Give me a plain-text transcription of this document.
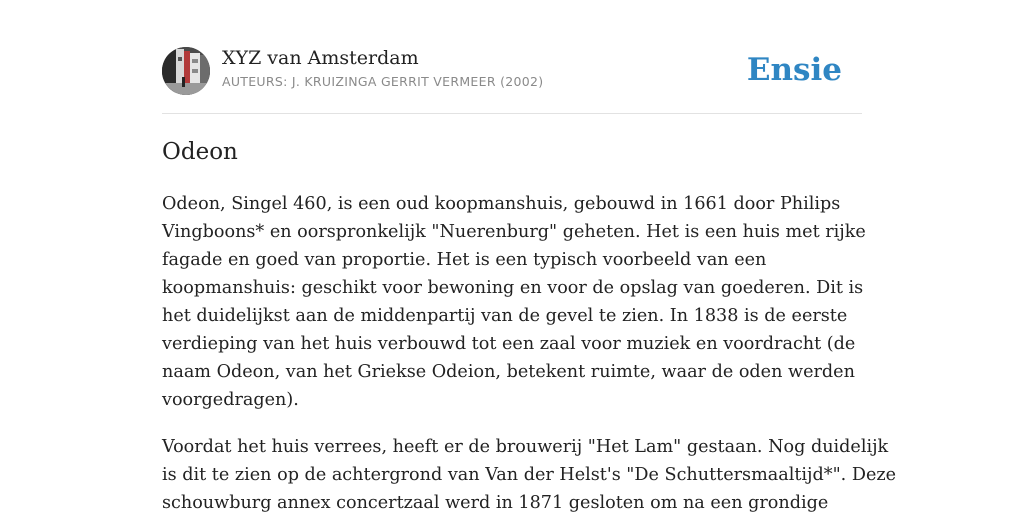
XYZ van Amsterdam
AUTEURS: J. KRUIZINGA GERRIT VERMEER (2002)	Ensie
Odeon

Odeon, Singel 460, is een oud koopmanshuis, gebouwd in 1661 door Philips
Vingboons* en oorspronkelijk "Nuerenburg" geheten. Het is een huis met rijke
fagade en goed van proportie. Het is een typisch voorbeeld van een
koopmanshuis: geschikt voor bewoning en voor de opslag van goederen. Dit is
het duidelijkst aan de middenpartij van de gevel te zien. In 1838 is de eerste
verdieping van het huis verbouwd tot een zaal voor muziek en voordracht (de
naam Odeon, van het Griekse Odeion, betekent ruimte, waar de oden werden
voorgedragen).

Voordat het huis verrees, heeft er de brouwerij "Het Lam" gestaan. Nog duidelijk
is dit te zien op de achtergrond van Van der Helst's "De Schuttersmaaltijd*". Deze
schouwburg annex concertzaal werd in 1871 gesloten om na een grondige
